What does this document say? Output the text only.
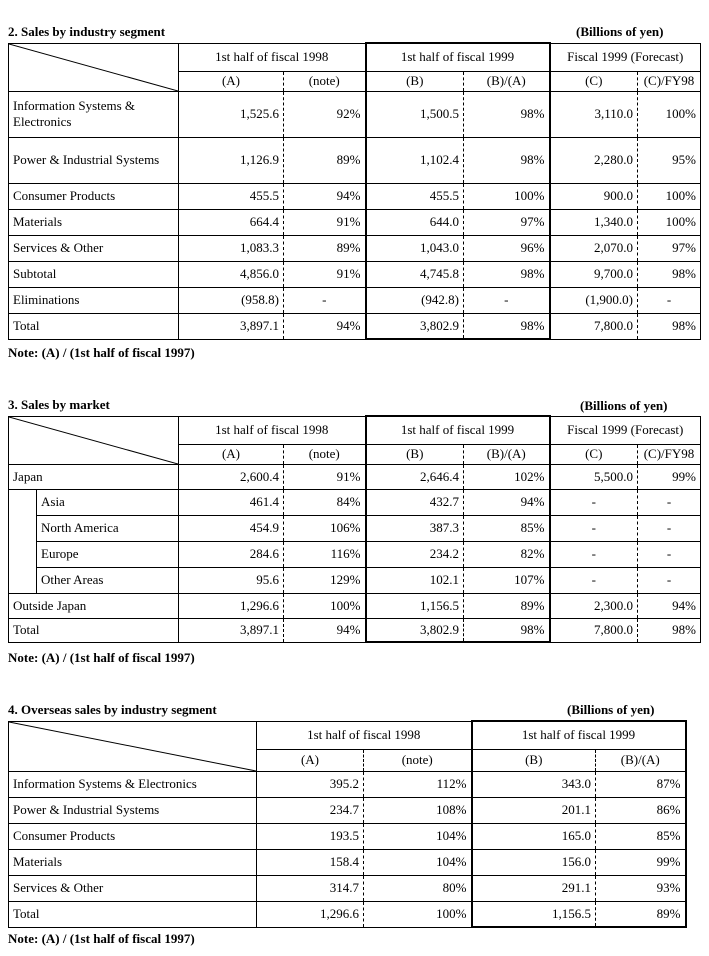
2. Sales by industry segment	(Billions of yen)
	1st half of fiscal 1998		1st half of fiscal 1999		Fiscal 1999 (Forecast)	
	(A)	(note)	(B)	(B)/(A)	(C)	(C)/FY98
Information Systems & Electronics	1,525.6	92%	1,500.5	98%	3,110.0	100%
Power & Industrial Systems	1,126.9	89%	1,102.4	98%	2,280.0	95%
Consumer Products	455.5	94%	455.5	100%	900.0	100%
Materials	664.4	91%	644.0	97%	1,340.0	100%
Services & Other	1,083.3	89%	1,043.0	96%	2,070.0	97%
Subtotal	4,856.0	91%	4,745.8	98%	9,700.0	98%
Eliminations	(958.8)	-	(942.8)	-	(1,900.0)	-
Total	3,897.1	94%	3,802.9	98%	7,800.0	98%
Note: (A) / (1st half of fiscal 1997)
3. Sales by market	(Billions of yen)
	1st half of fiscal 1998		1st half of fiscal 1999		Fiscal 1999 (Forecast)	
		(A)	(note)	(B)	(B)/(A)	(C)	(C)/FY98
Japan		2,600.4	91%	2,646.4	102%	5,500.0	99%
	Asia	461.4	84%	432.7	94%	-	-
	North America	454.9	106%	387.3	85%	-	-
	Europe	284.6	116%	234.2	82%	-	-
	Other Areas	95.6	129%	102.1	107%	-	-
Outside Japan		1,296.6	100%	1,156.5	89%	2,300.0	94%
Total		3,897.1	94%	3,802.9	98%	7,800.0	98%
Note: (A) / (1st half of fiscal 1997)
4. Overseas sales by industry segment	(Billions of yen)
	1st half of fiscal 1998		1st half of fiscal 1999	
	(A)	(note)	(B)	(B)/(A)
Information Systems & Electronics	395.2	112%	343.0	87%
Power & Industrial Systems	234.7	108%	201.1	86%
Consumer Products	193.5	104%	165.0	85%
Materials	158.4	104%	156.0	99%
Services & Other	314.7	80%	291.1	93%
Total	1,296.6	100%	1,156.5	89%
Note: (A) / (1st half of fiscal 1997)
